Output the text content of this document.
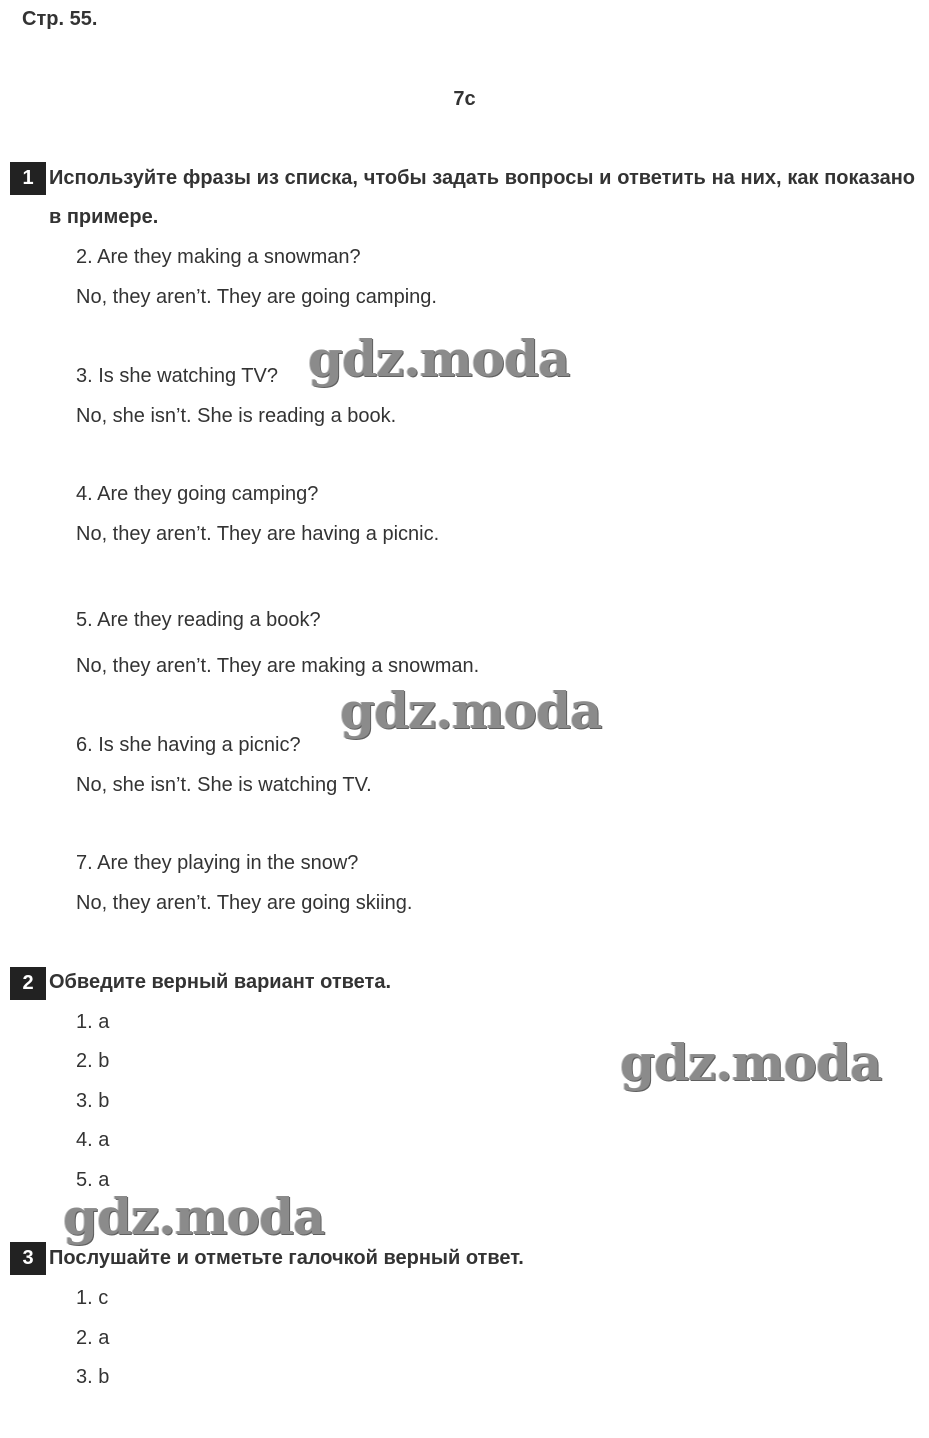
Стр. 55.
7c
1 Используйте фразы из списка, чтобы задать вопросы и ответить на них, как показано в примере.
2. Are they making a snowman?
No, they aren’t. They are going camping.
3. Is she watching TV?
No, she isn’t. She is reading a book.
4. Are they going camping?
No, they aren’t. They are having a picnic.
5. Are they reading a book?
No, they aren’t. They are making a snowman.
6. Is she having a picnic?
No, she isn’t. She is watching TV.
7. Are they playing in the snow?
No, they aren’t. They are going skiing.
2 Обведите верный вариант ответа.
1. a
2. b
3. b
4. a
5. a
3 Послушайте и отметьте галочкой верный ответ.
1. c
2. a
3. b
gdz.moda
gdz.moda
gdz.moda
gdz.moda
